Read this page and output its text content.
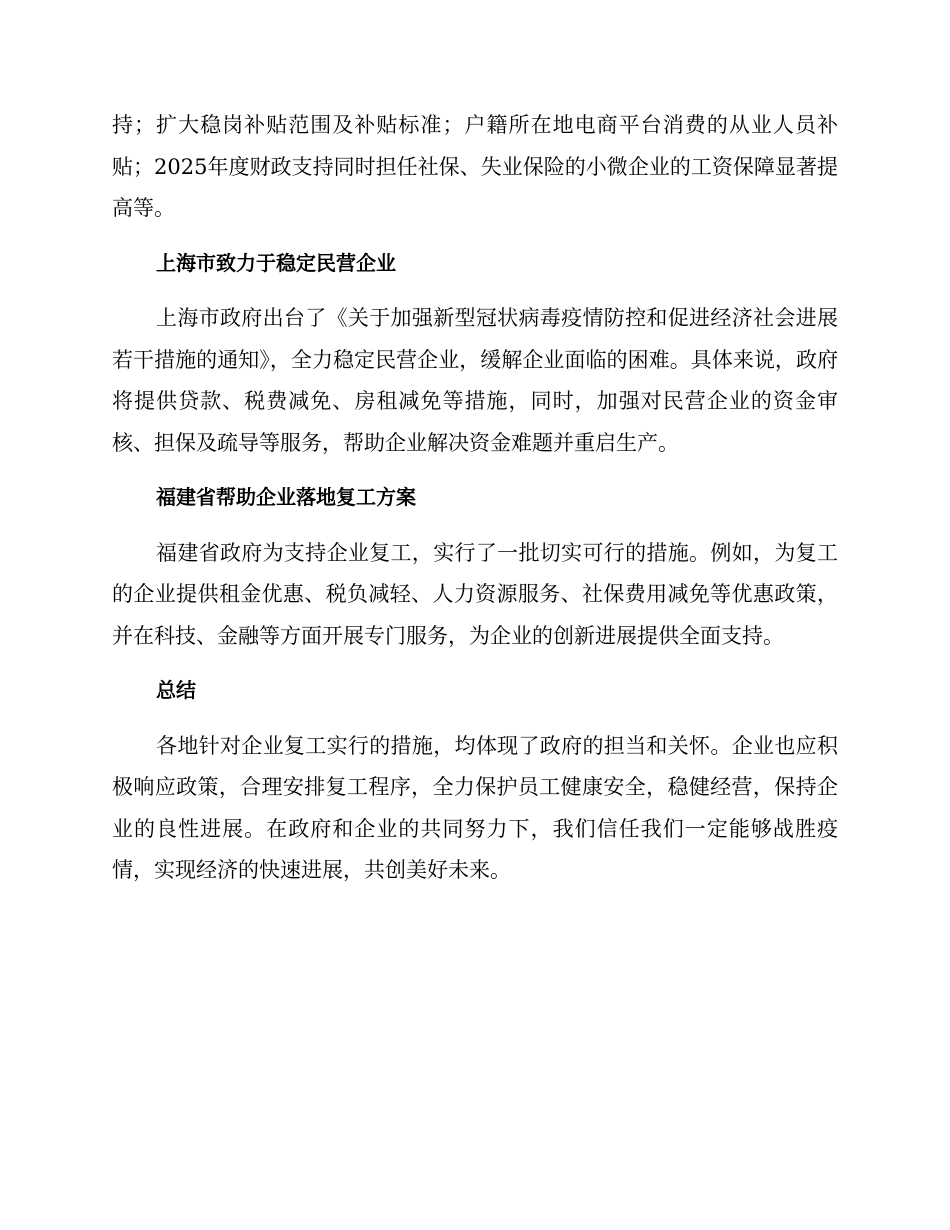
持；扩大稳岗补贴范围及补贴标准；户籍所在地电商平台消费的从业人员补贴；2025年度财政支持同时担任社保、失业保险的小微企业的工资保障显著提高等。

上海市致力于稳定民营企业

上海市政府出台了《关于加强新型冠状病毒疫情防控和促进经济社会进展若干措施的通知》，全力稳定民营企业，缓解企业面临的困难。具体来说，政府将提供贷款、税费减免、房租减免等措施，同时，加强对民营企业的资金审核、担保及疏导等服务，帮助企业解决资金难题并重启生产。

福建省帮助企业落地复工方案

福建省政府为支持企业复工，实行了一批切实可行的措施。例如，为复工的企业提供租金优惠、税负减轻、人力资源服务、社保费用减免等优惠政策，并在科技、金融等方面开展专门服务，为企业的创新进展提供全面支持。

总结

各地针对企业复工实行的措施，均体现了政府的担当和关怀。企业也应积极响应政策，合理安排复工程序，全力保护员工健康安全，稳健经营，保持企业的良性进展。在政府和企业的共同努力下，我们信任我们一定能够战胜疫情，实现经济的快速进展，共创美好未来。
